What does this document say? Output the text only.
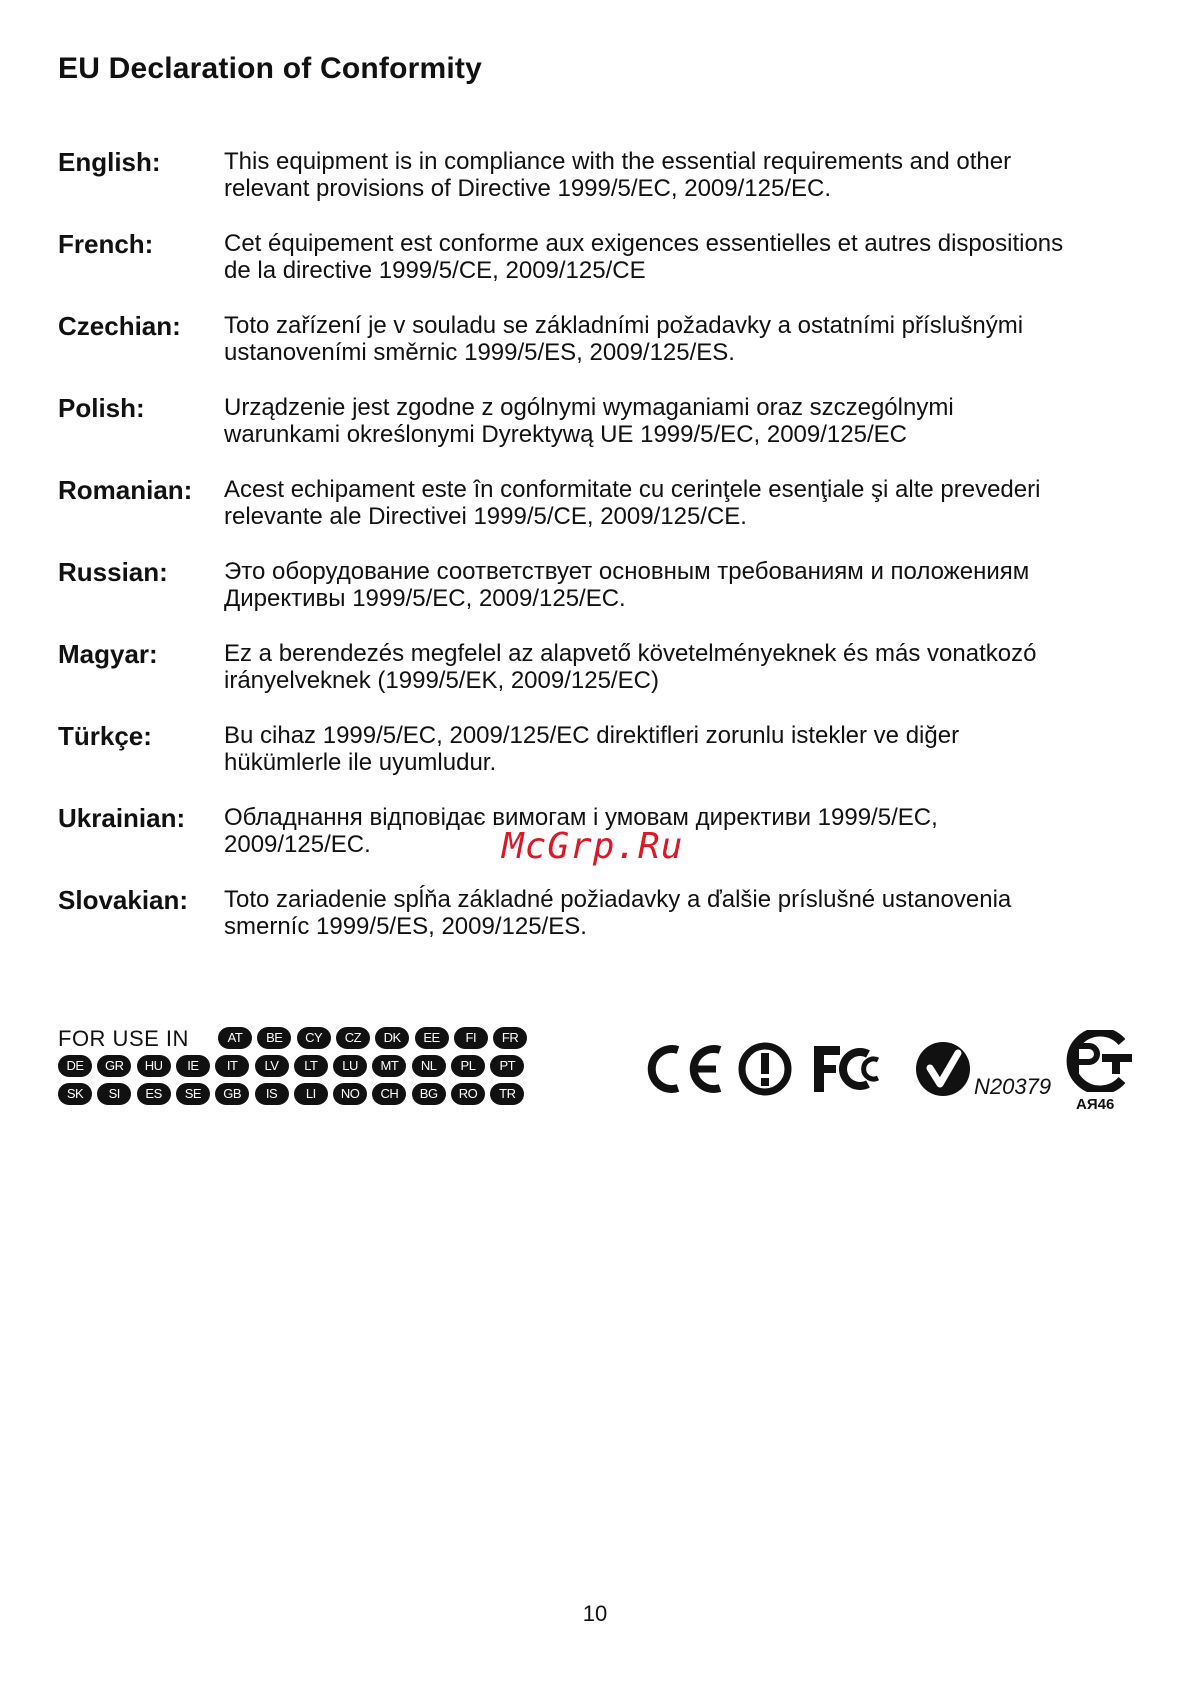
EU Declaration of Conformity
English:	This equipment is in compliance with the essential requirements and other
relevant provisions of Directive 1999/5/EC, 2009/125/EC.
French:	Cet équipement est conforme aux exigences essentielles et autres dispositions
de la directive 1999/5/CE, 2009/125/CE
Czechian:	Toto zařízení je v souladu se základními požadavky a ostatními příslušnými
ustanoveními směrnic 1999/5/ES, 2009/125/ES.
Polish:	Urządzenie jest zgodne z ogólnymi wymaganiami oraz szczególnymi
warunkami określonymi Dyrektywą UE 1999/5/EC, 2009/125/EC
Romanian:	Acest echipament este în conformitate cu cerinţele esenţiale şi alte prevederi
relevante ale Directivei 1999/5/CE, 2009/125/CE.
Russian:	Это оборудование соответствует основным требованиям и положениям
Директивы 1999/5/EC, 2009/125/EC.
Magyar:	Ez a berendezés megfelel az alapvető követelményeknek és más vonatkozó
irányelveknek (1999/5/EK, 2009/125/EC)
Türkçe:	Bu cihaz 1999/5/EC, 2009/125/EC direktifleri zorunlu istekler ve diğer
hükümlerle ile uyumludur.
Ukrainian:	Обладнання відповідає вимогам і умовам директиви 1999/5/EC,
2009/125/EC.
Slovakian:	Toto zariadenie spĺňa základné požiadavky a ďalšie príslušné ustanovenia
smerníc 1999/5/ES, 2009/125/ES.
McGrp.Ru
FOR USE IN	AT	BE	CY	CZ	DK	EE	FI	FR
DE	GR	HU	IE	IT	LV	LT	LU	MT	NL	PL	PT
SK	SI	ES	SE	GB	IS	LI	NO	CH	BG	RO	TR	N20379
АЯ46
10
